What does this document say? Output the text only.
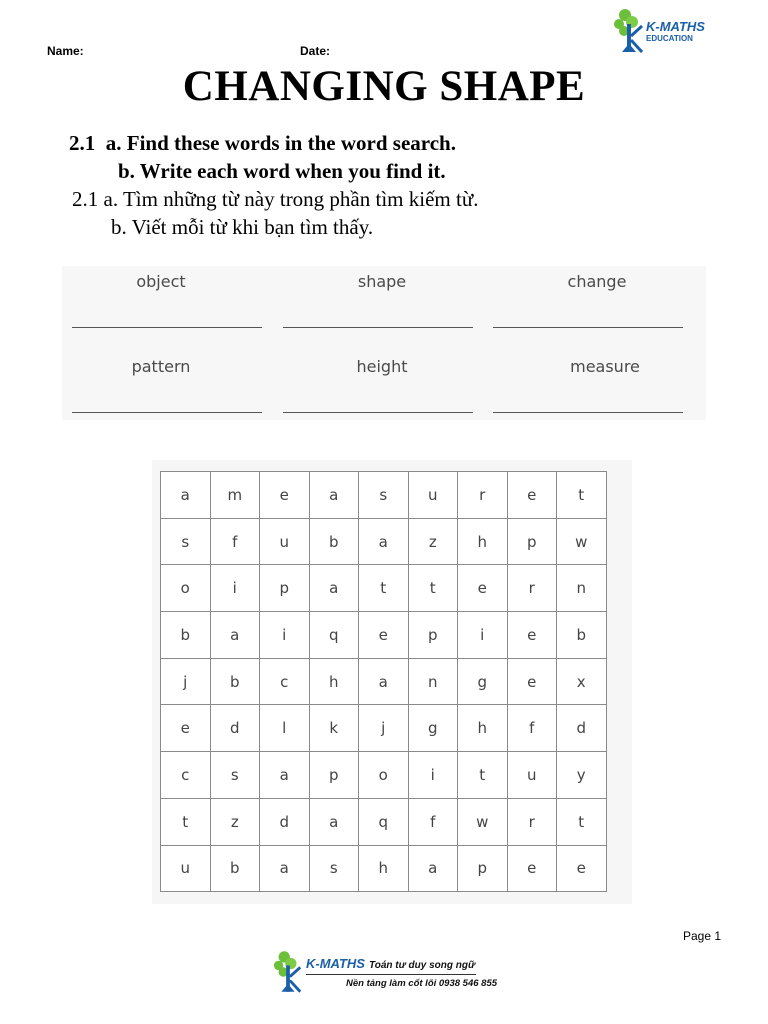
Name:	Date:
K-MATHS
EDUCATION
CHANGING SHAPE
2.1 a. Find these words in the word search.
b. Write each word when you find it.
2.1 a. Tìm những từ này trong phần tìm kiếm từ.
b. Viết mỗi từ khi bạn tìm thấy.
object	shape	change
pattern	height	measure
a	m	e	a	s	u	r	e	t
s	f	u	b	a	z	h	p	w
o	i	p	a	t	t	e	r	n
b	a	i	q	e	p	i	e	b
j	b	c	h	a	n	g	e	x
e	d	l	k	j	g	h	f	d
c	s	a	p	o	i	t	u	y
t	z	d	a	q	f	w	r	t
u	b	a	s	h	a	p	e	e
Page 1
K-MATHS Toán tư duy song ngữ
Nền tảng làm cốt lõi 0938 546 855
